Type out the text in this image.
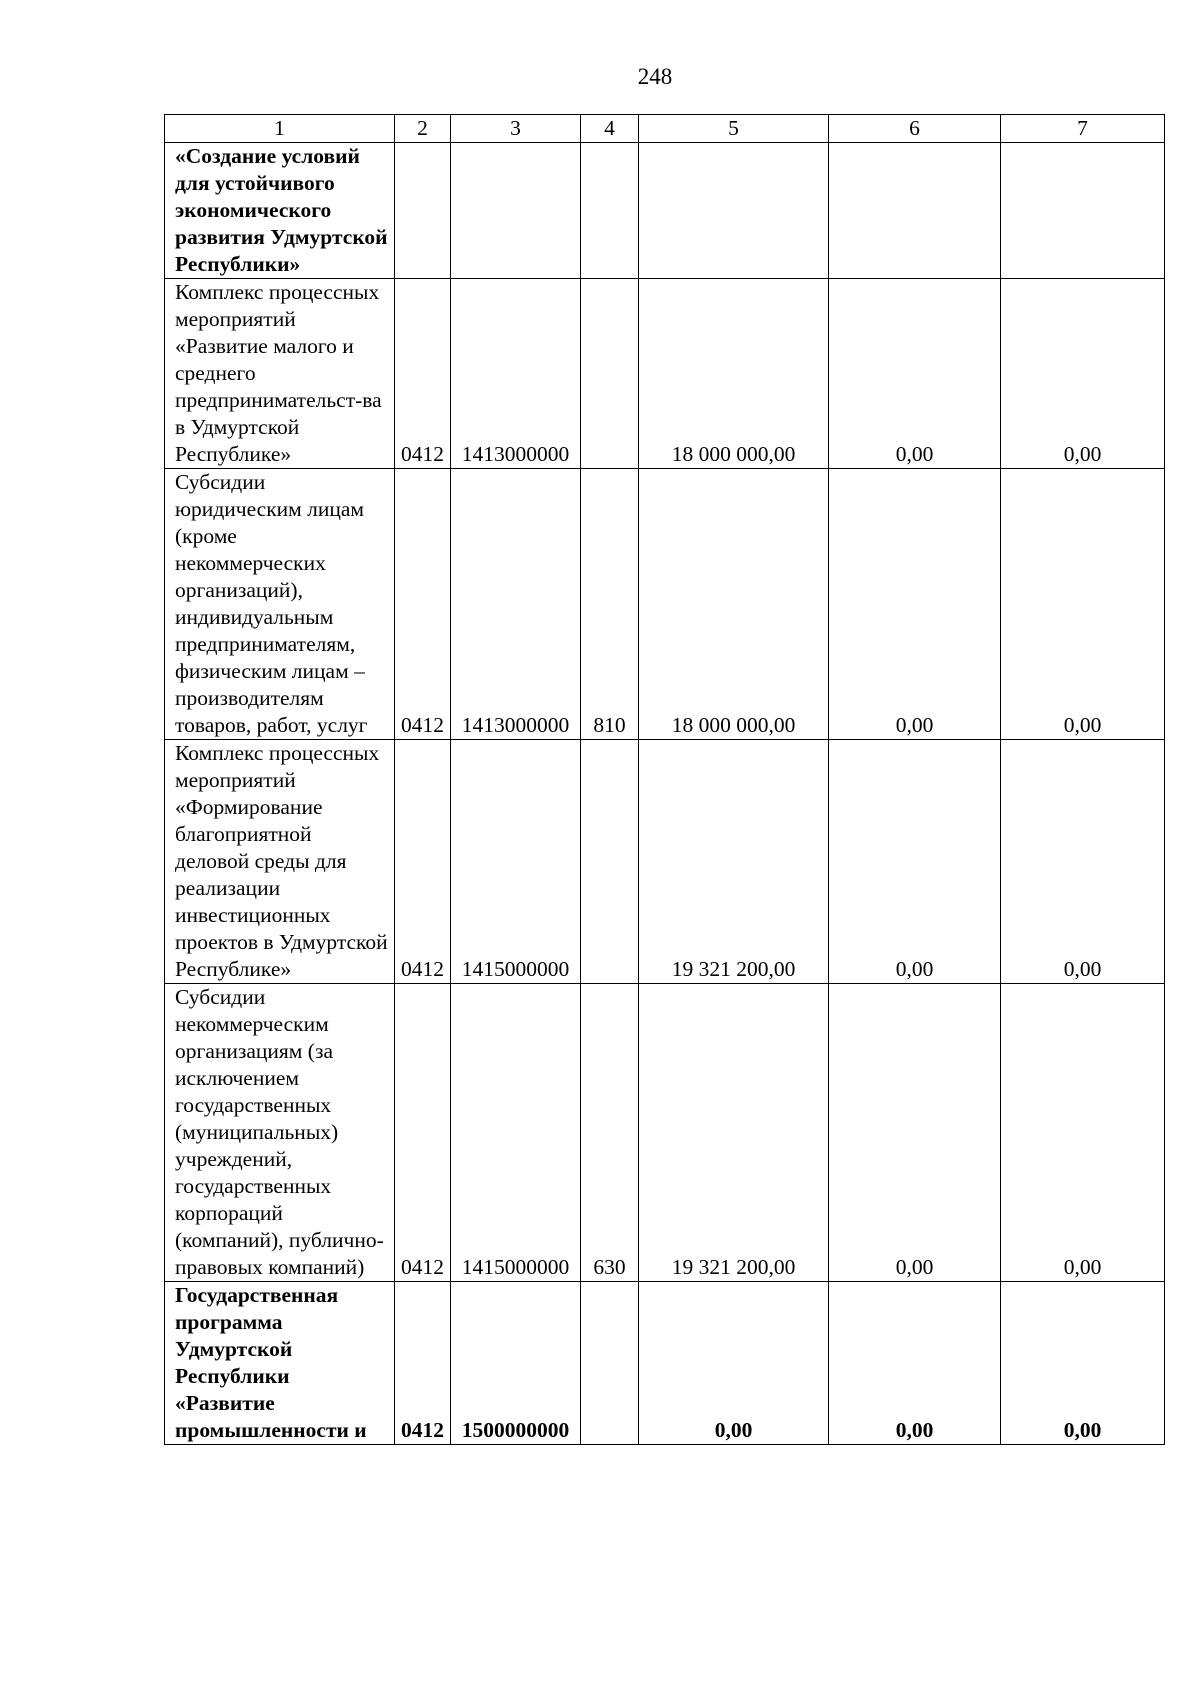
248
1	2	3	4	5	6	7
«Создание условий для устойчивого экономического развития Удмуртской Республики»						
Комплекс процессных мероприятий «Развитие малого и среднего предпринимательст-ва в Удмуртской Республике»	0412	1413000000		18 000 000,00	0,00	0,00
Субсидии юридическим лицам (кроме некоммерческих организаций), индивидуальным предпринимателям, физическим лицам – производителям товаров, работ, услуг	0412	1413000000	810	18 000 000,00	0,00	0,00
Комплекс процессных мероприятий «Формирование благоприятной деловой среды для реализации инвестиционных проектов в Удмуртской Республике»	0412	1415000000		19 321 200,00	0,00	0,00
Субсидии некоммерческим организациям (за исключением государственных (муниципальных) учреждений, государственных корпораций (компаний), публично-правовых компаний)	0412	1415000000	630	19 321 200,00	0,00	0,00
Государственная программа Удмуртской Республики «Развитие промышленности и	0412	1500000000		0,00	0,00	0,00
